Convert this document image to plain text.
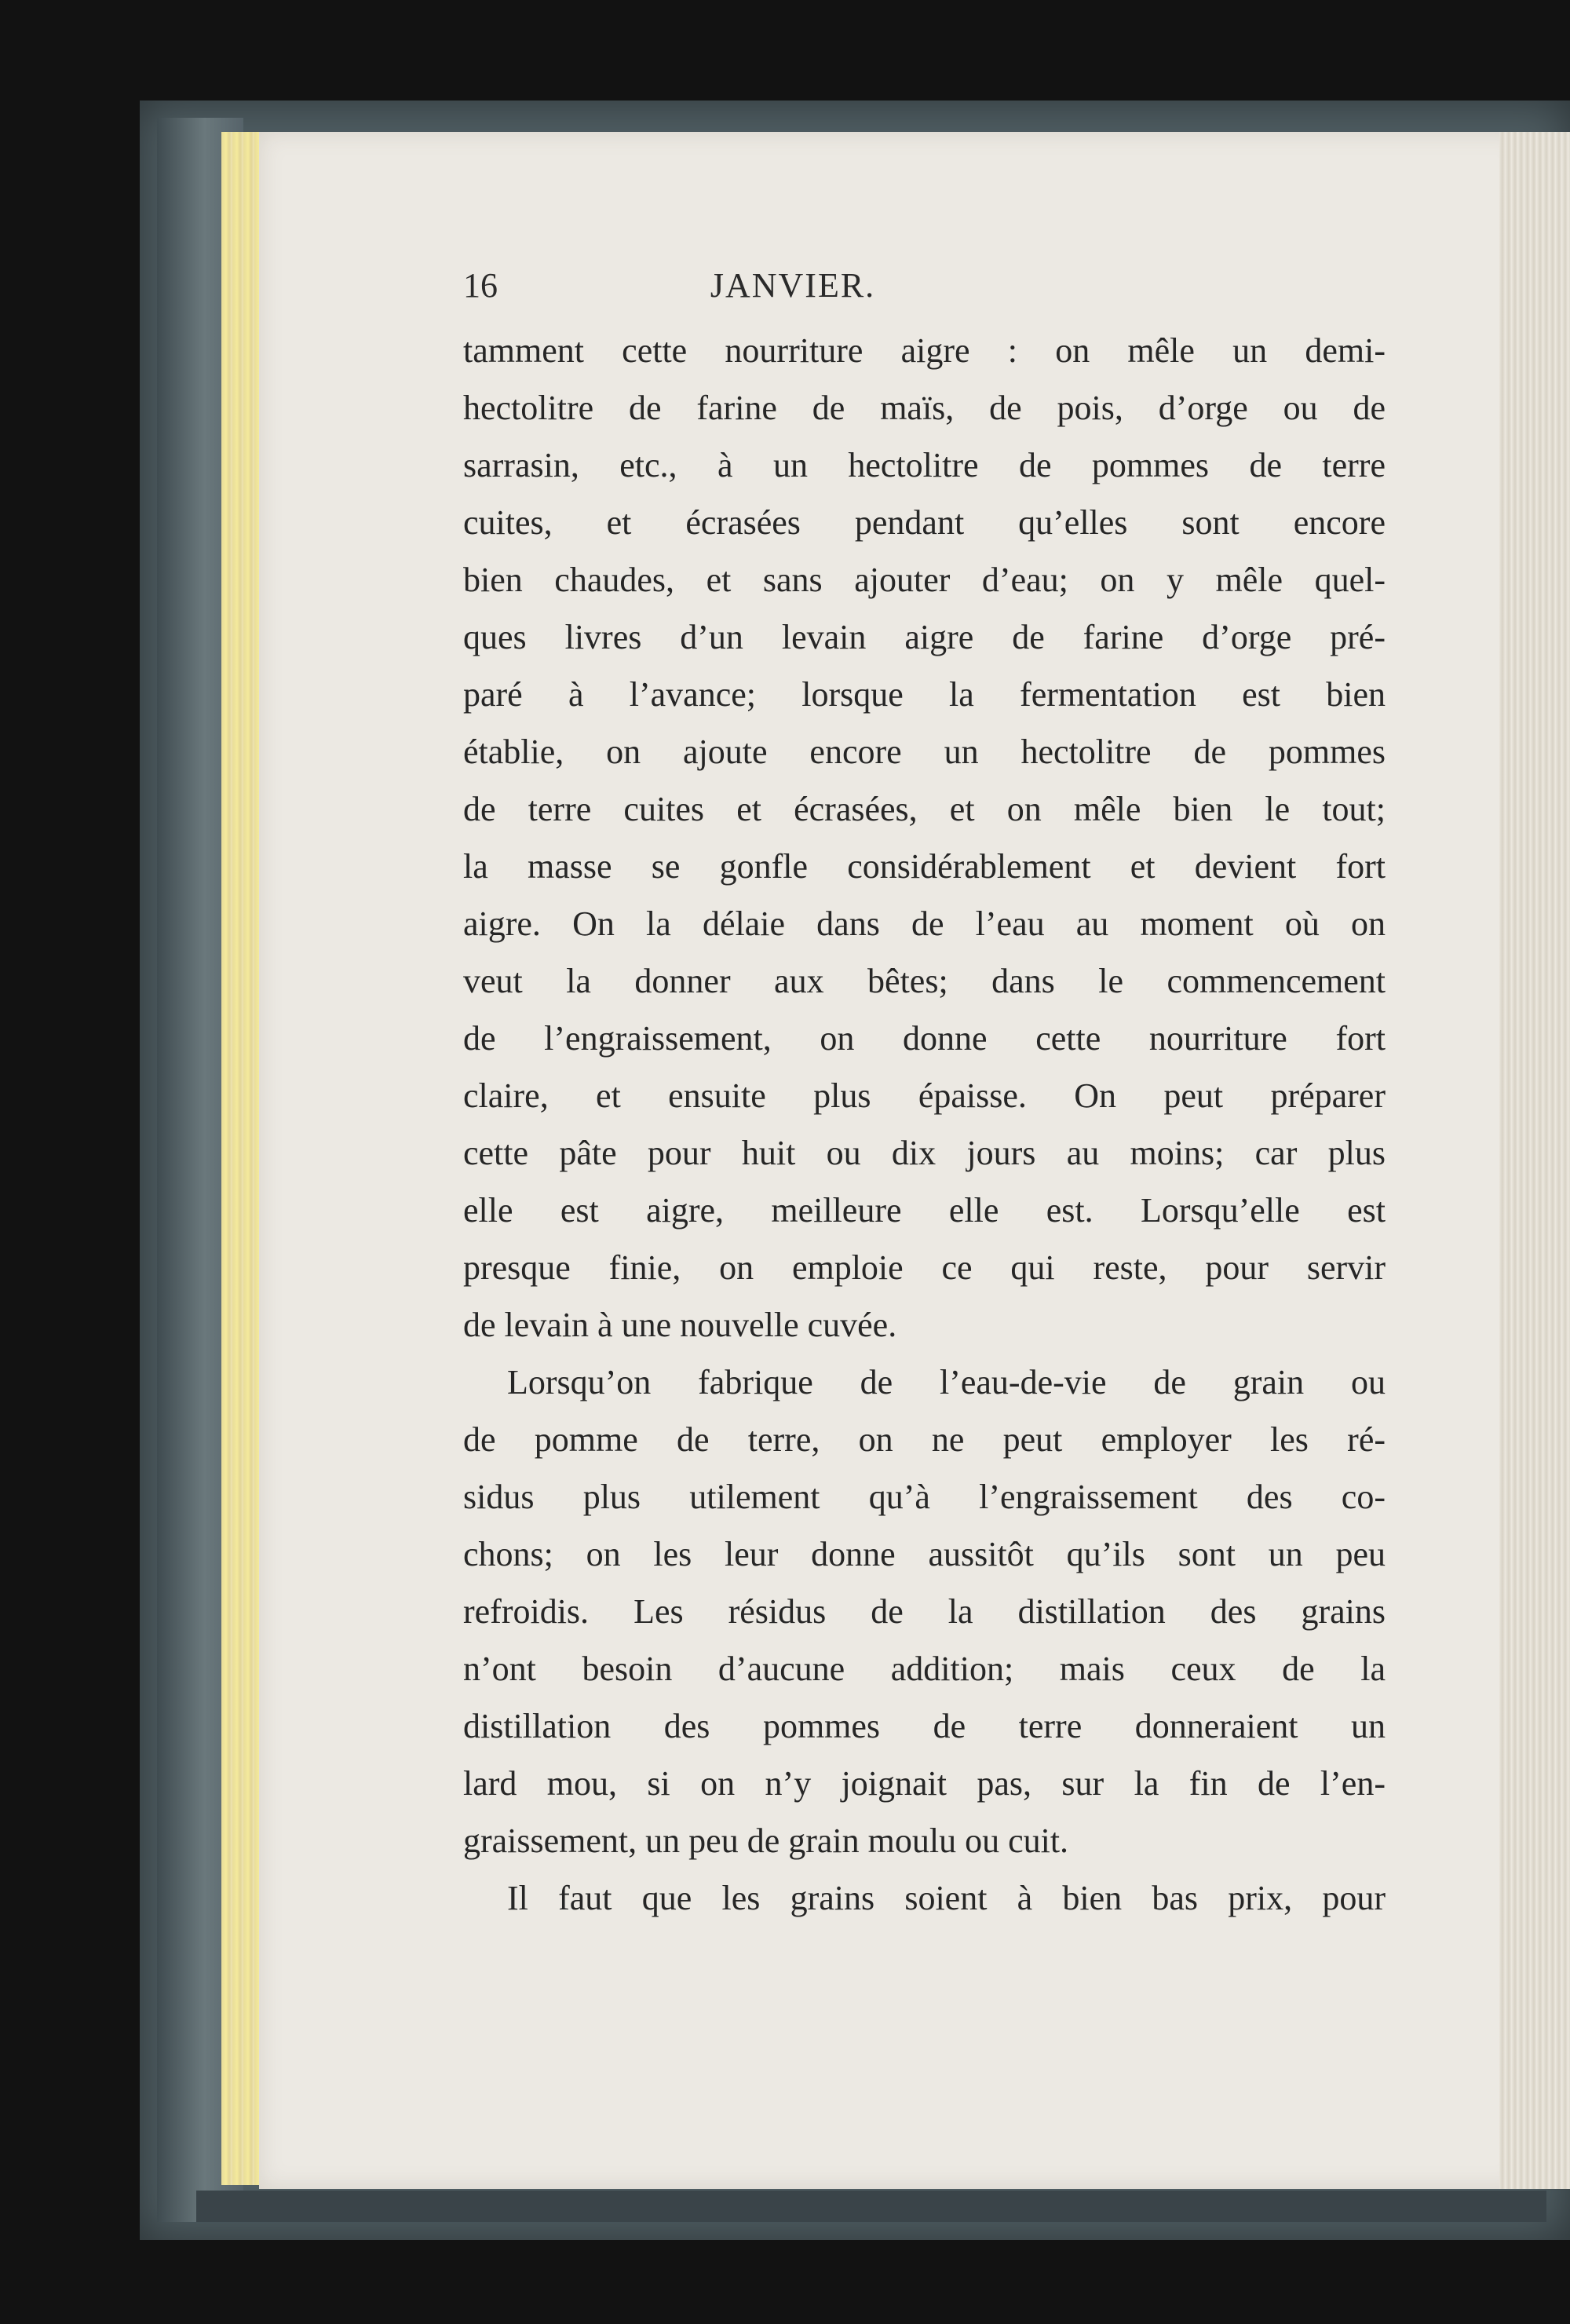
16	JANVIER.
tamment cette nourriture aigre : on mêle un demi-
hectolitre de farine de maïs, de pois, d’orge ou de
sarrasin, etc., à un hectolitre de pommes de terre
cuites, et écrasées pendant qu’elles sont encore
bien chaudes, et sans ajouter d’eau; on y mêle quel-
ques livres d’un levain aigre de farine d’orge pré-
paré à l’avance; lorsque la fermentation est bien
établie, on ajoute encore un hectolitre de pommes
de terre cuites et écrasées, et on mêle bien le tout;
la masse se gonfle considérablement et devient fort
aigre. On la délaie dans de l’eau au moment où on
veut la donner aux bêtes; dans le commencement
de l’engraissement, on donne cette nourriture fort
claire, et ensuite plus épaisse. On peut préparer
cette pâte pour huit ou dix jours au moins; car plus
elle est aigre, meilleure elle est. Lorsqu’elle est
presque finie, on emploie ce qui reste, pour servir
de levain à une nouvelle cuvée.
Lorsqu’on fabrique de l’eau-de-vie de grain ou
de pomme de terre, on ne peut employer les ré-
sidus plus utilement qu’à l’engraissement des co-
chons; on les leur donne aussitôt qu’ils sont un peu
refroidis. Les résidus de la distillation des grains
n’ont besoin d’aucune addition; mais ceux de la
distillation des pommes de terre donneraient un
lard mou, si on n’y joignait pas, sur la fin de l’en-
graissement, un peu de grain moulu ou cuit.
Il faut que les grains soient à bien bas prix, pour
